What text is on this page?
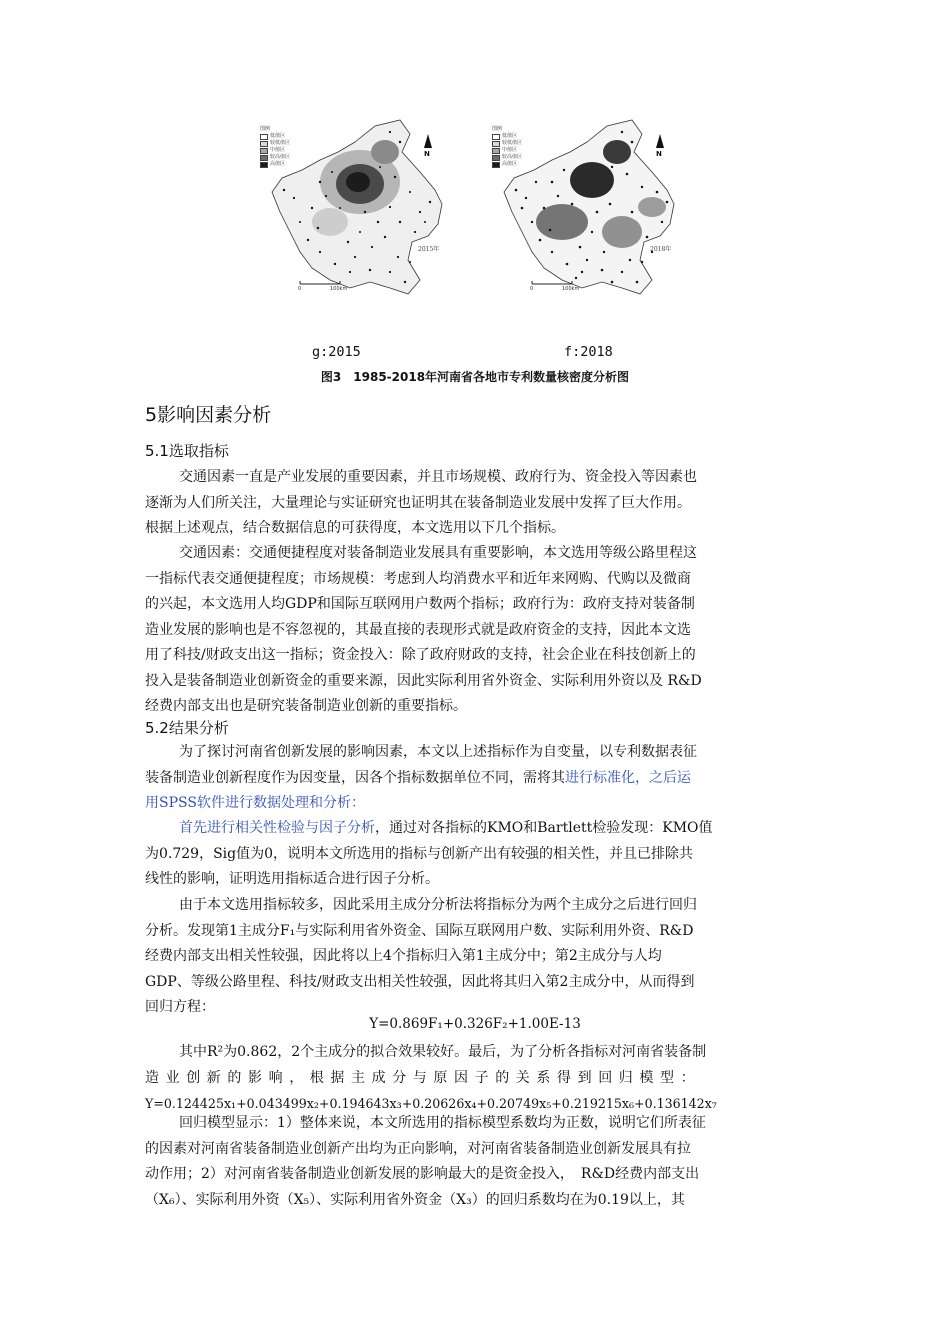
图例
低值区
较低值区
中值区
较高值区
高值区
N
2015年
0	100km
图例
低值区
较低值区
中值区
较高值区
高值区
N
2018年
0	100km
g:2015	f:2018
图3　1985-2018年河南省各地市专利数量核密度分析图
5影响因素分析
5.1选取指标
交通因素一直是产业发展的重要因素，并且市场规模、政府行为、资金投入等因素也
逐渐为人们所关注，大量理论与实证研究也证明其在装备制造业发展中发挥了巨大作用。
根据上述观点，结合数据信息的可获得度，本文选用以下几个指标。
交通因素：交通便捷程度对装备制造业发展具有重要影响，本文选用等级公路里程这
一指标代表交通便捷程度；市场规模：考虑到人均消费水平和近年来网购、代购以及微商
的兴起，本文选用人均GDP和国际互联网用户数两个指标；政府行为：政府支持对装备制
造业发展的影响也是不容忽视的，其最直接的表现形式就是政府资金的支持，因此本文选
用了科技/财政支出这一指标；资金投入：除了政府财政的支持，社会企业在科技创新上的
投入是装备制造业创新资金的重要来源，因此实际利用省外资金、实际利用外资以及 R&D
经费内部支出也是研究装备制造业创新的重要指标。
5.2结果分析
为了探讨河南省创新发展的影响因素，本文以上述指标作为自变量，以专利数据表征
装备制造业创新程度作为因变量，因各个指标数据单位不同，需将其进行标准化，之后运
用SPSS软件进行数据处理和分析：
首先进行相关性检验与因子分析，通过对各指标的KMO和Bartlett检验发现：KMO值
为0.729，Sig值为0，说明本文所选用的指标与创新产出有较强的相关性，并且已排除共
线性的影响，证明选用指标适合进行因子分析。
由于本文选用指标较多，因此采用主成分分析法将指标分为两个主成分之后进行回归
分析。发现第1主成分F₁与实际利用省外资金、国际互联网用户数、实际利用外资、R&D
经费内部支出相关性较强，因此将以上4个指标归入第1主成分中；第2主成分与人均
GDP、等级公路里程、科技/财政支出相关性较强，因此将其归入第2主成分中，从而得到
回归方程：
Y=0.869F₁+0.326F₂+1.00E-13
其中R²为0.862，2个主成分的拟合效果较好。最后，为了分析各指标对河南省装备制
造业创新的影响，根据主成分与原因子的关系得到回归模型：
Y=0.124425x₁+0.043499x₂+0.194643x₃+0.20626x₄+0.20749x₅+0.219215x₆+0.136142x₇
回归模型显示：1）整体来说，本文所选用的指标模型系数均为正数，说明它们所表征
的因素对河南省装备制造业创新产出均为正向影响，对河南省装备制造业创新发展具有拉
动作用；2）对河南省装备制造业创新发展的影响最大的是资金投入，　R&D经费内部支出
（X₆）、实际利用外资（X₅）、实际利用省外资金（X₃）的回归系数均在为0.19以上，其
